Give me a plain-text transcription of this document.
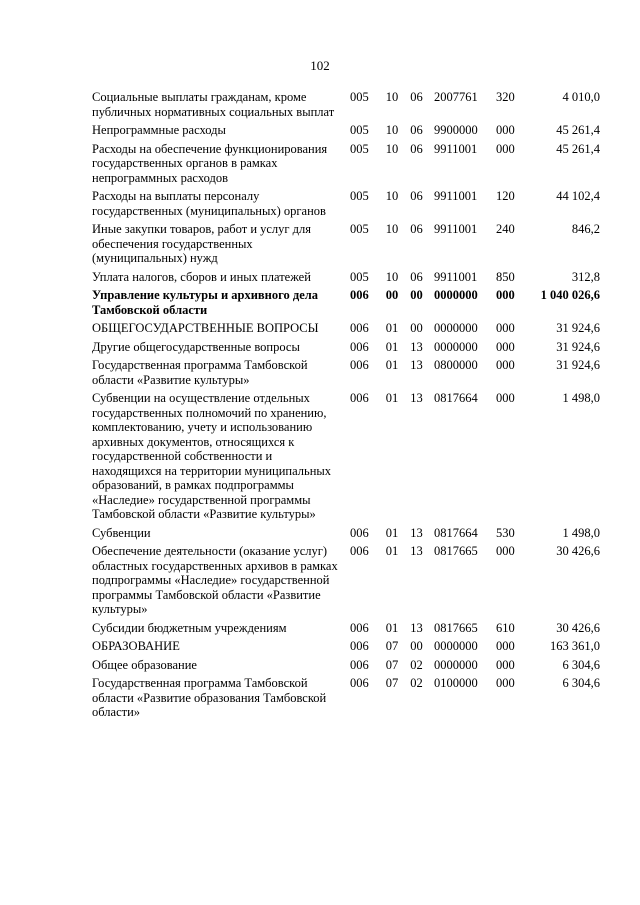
102
Социальные выплаты гражданам, кроме публичных нормативных социальных выплат	005	10	06	2007761	320	4 010,0
Непрограммные расходы	005	10	06	9900000	000	45 261,4
Расходы на обеспечение функционирования государственных органов в рамках непрограммных расходов	005	10	06	9911001	000	45 261,4
Расходы на выплаты персоналу государственных (муниципальных) органов	005	10	06	9911001	120	44 102,4
Иные закупки товаров, работ и услуг для обеспечения государственных (муниципальных) нужд	005	10	06	9911001	240	846,2
Уплата налогов, сборов и иных платежей	005	10	06	9911001	850	312,8
Управление культуры и архивного дела Тамбовской области	006	00	00	0000000	000	1 040 026,6
ОБЩЕГОСУДАРСТВЕННЫЕ ВОПРОСЫ	006	01	00	0000000	000	31 924,6
Другие общегосударственные вопросы	006	01	13	0000000	000	31 924,6
Государственная программа Тамбовской области «Развитие культуры»	006	01	13	0800000	000	31 924,6
Субвенции на осуществление отдельных государственных полномочий по хранению, комплектованию, учету и использованию архивных документов, относящихся к государственной собственности и находящихся на территории муниципальных образований, в рамках подпрограммы «Наследие» государственной программы Тамбовской области «Развитие культуры»	006	01	13	0817664	000	1 498,0
Субвенции	006	01	13	0817664	530	1 498,0
Обеспечение деятельности (оказание услуг) областных государственных архивов в рамках подпрограммы «Наследие» государственной программы Тамбовской области «Развитие культуры»	006	01	13	0817665	000	30 426,6
Субсидии бюджетным учреждениям	006	01	13	0817665	610	30 426,6
ОБРАЗОВАНИЕ	006	07	00	0000000	000	163 361,0
Общее образование	006	07	02	0000000	000	6 304,6
Государственная программа Тамбовской области «Развитие образования Тамбовской области»	006	07	02	0100000	000	6 304,6
